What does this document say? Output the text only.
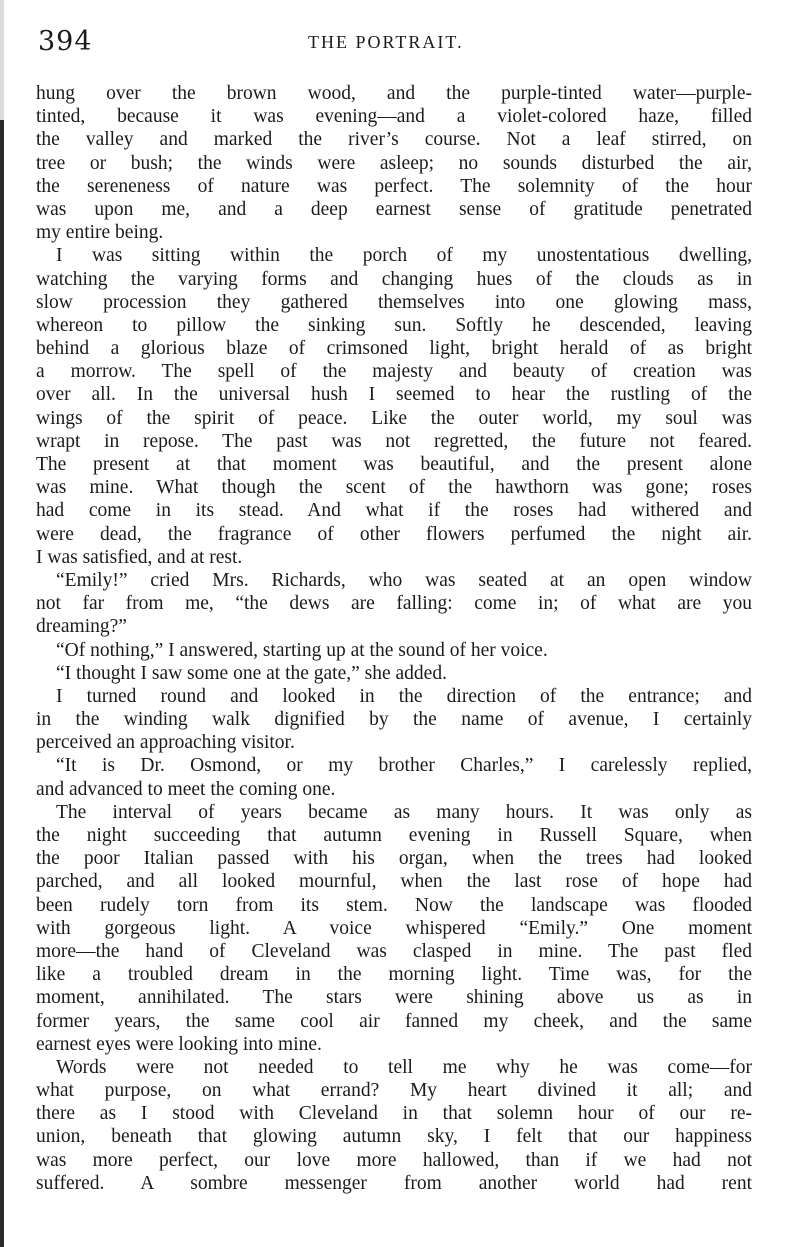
394	THE PORTRAIT.
hung over the brown wood, and the purple-tinted water—purple-
tinted, because it was evening—and a violet-colored haze, filled
the valley and marked the river’s course. Not a leaf stirred, on
tree or bush; the winds were asleep; no sounds disturbed the air,
the sereneness of nature was perfect. The solemnity of the hour
was upon me, and a deep earnest sense of gratitude penetrated
my entire being.
I was sitting within the porch of my unostentatious dwelling,
watching the varying forms and changing hues of the clouds as in
slow procession they gathered themselves into one glowing mass,
whereon to pillow the sinking sun. Softly he descended, leaving
behind a glorious blaze of crimsoned light, bright herald of as bright
a morrow. The spell of the majesty and beauty of creation was
over all. In the universal hush I seemed to hear the rustling of the
wings of the spirit of peace. Like the outer world, my soul was
wrapt in repose. The past was not regretted, the future not feared.
The present at that moment was beautiful, and the present alone
was mine. What though the scent of the hawthorn was gone; roses
had come in its stead. And what if the roses had withered and
were dead, the fragrance of other flowers perfumed the night air.
I was satisfied, and at rest.
“Emily!” cried Mrs. Richards, who was seated at an open window
not far from me, “the dews are falling: come in; of what are you
dreaming?”
“Of nothing,” I answered, starting up at the sound of her voice.
“I thought I saw some one at the gate,” she added.
I turned round and looked in the direction of the entrance; and
in the winding walk dignified by the name of avenue, I certainly
perceived an approaching visitor.
“It is Dr. Osmond, or my brother Charles,” I carelessly replied,
and advanced to meet the coming one.
The interval of years became as many hours. It was only as
the night succeeding that autumn evening in Russell Square, when
the poor Italian passed with his organ, when the trees had looked
parched, and all looked mournful, when the last rose of hope had
been rudely torn from its stem. Now the landscape was flooded
with gorgeous light. A voice whispered “Emily.” One moment
more—the hand of Cleveland was clasped in mine. The past fled
like a troubled dream in the morning light. Time was, for the
moment, annihilated. The stars were shining above us as in
former years, the same cool air fanned my cheek, and the same
earnest eyes were looking into mine.
Words were not needed to tell me why he was come—for
what purpose, on what errand? My heart divined it all; and
there as I stood with Cleveland in that solemn hour of our re-
union, beneath that glowing autumn sky, I felt that our happiness
was more perfect, our love more hallowed, than if we had not
suffered. A sombre messenger from another world had rent
